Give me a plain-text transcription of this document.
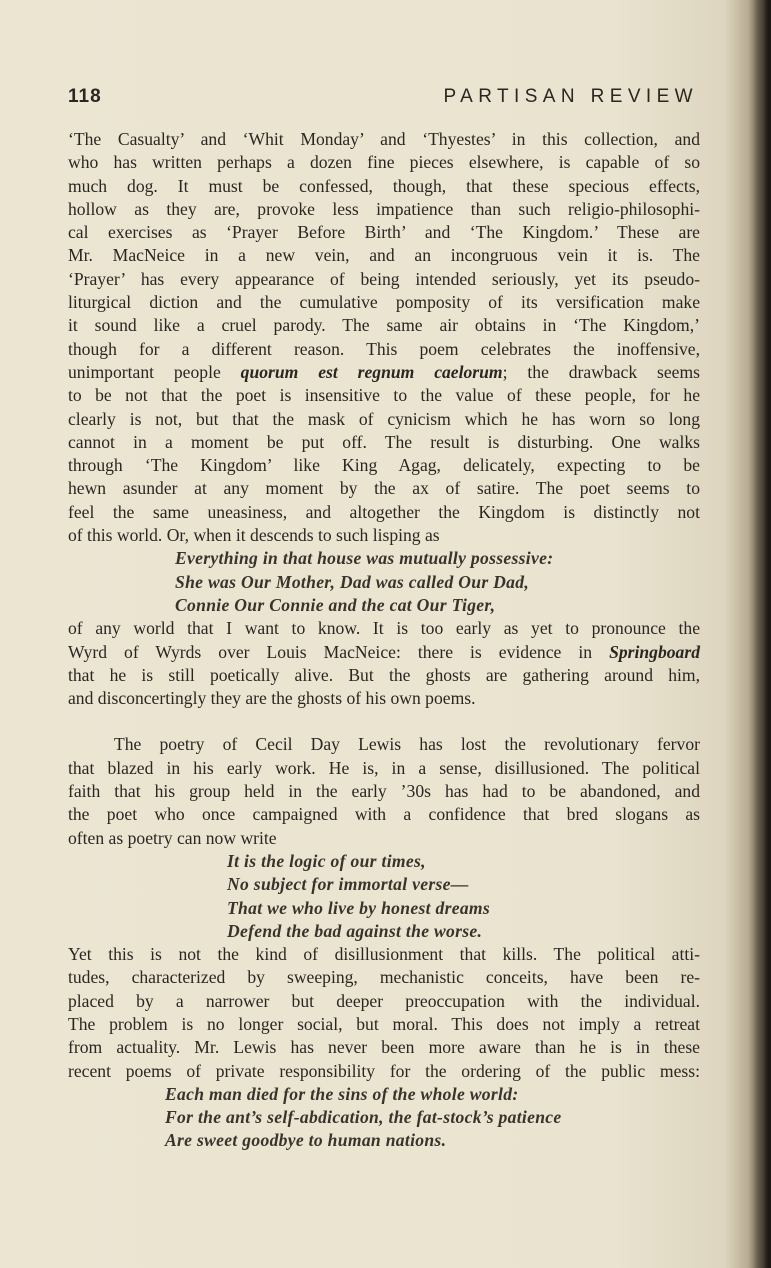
118	PARTISAN REVIEW

‘The Casualty’ and ‘Whit Monday’ and ‘Thyestes’ in this collection, and
who has written perhaps a dozen fine pieces elsewhere, is capable of so
much dog. It must be confessed, though, that these specious effects,
hollow as they are, provoke less impatience than such religio-philosophi-
cal exercises as ‘Prayer Before Birth’ and ‘The Kingdom.’ These are
Mr. MacNeice in a new vein, and an incongruous vein it is. The
‘Prayer’ has every appearance of being intended seriously, yet its pseudo-
liturgical diction and the cumulative pomposity of its versification make
it sound like a cruel parody. The same air obtains in ‘The Kingdom,’
though for a different reason. This poem celebrates the inoffensive,
unimportant people quorum est regnum caelorum; the drawback seems
to be not that the poet is insensitive to the value of these people, for he
clearly is not, but that the mask of cynicism which he has worn so long
cannot in a moment be put off. The result is disturbing. One walks
through ‘The Kingdom’ like King Agag, delicately, expecting to be
hewn asunder at any moment by the ax of satire. The poet seems to
feel the same uneasiness, and altogether the Kingdom is distinctly not
of this world. Or, when it descends to such lisping as

Everything in that house was mutually possessive:
She was Our Mother, Dad was called Our Dad,
Connie Our Connie and the cat Our Tiger,

of any world that I want to know. It is too early as yet to pronounce the
Wyrd of Wyrds over Louis MacNeice: there is evidence in Springboard
that he is still poetically alive. But the ghosts are gathering around him,
and disconcertingly they are the ghosts of his own poems.

The poetry of Cecil Day Lewis has lost the revolutionary fervor
that blazed in his early work. He is, in a sense, disillusioned. The political
faith that his group held in the early ’30s has had to be abandoned, and
the poet who once campaigned with a confidence that bred slogans as
often as poetry can now write

It is the logic of our times,
No subject for immortal verse—
That we who live by honest dreams
Defend the bad against the worse.

Yet this is not the kind of disillusionment that kills. The political atti-
tudes, characterized by sweeping, mechanistic conceits, have been re-
placed by a narrower but deeper preoccupation with the individual.
The problem is no longer social, but moral. This does not imply a retreat
from actuality. Mr. Lewis has never been more aware than he is in these
recent poems of private responsibility for the ordering of the public mess:

Each man died for the sins of the whole world:
For the ant’s self-abdication, the fat-stock’s patience
Are sweet goodbye to human nations.
